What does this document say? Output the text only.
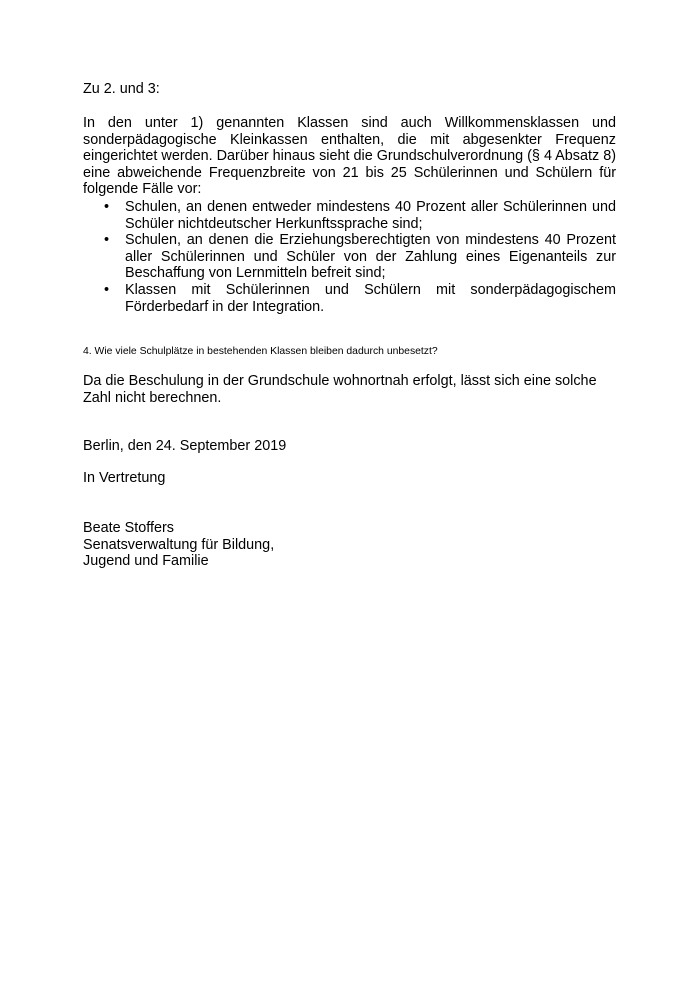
Zu 2. und 3:
In den unter 1) genannten Klassen sind auch Willkommensklassen und sonderpädagogische Kleinkassen enthalten, die mit abgesenkter Frequenz eingerichtet werden. Darüber hinaus sieht die Grundschulverordnung (§ 4 Absatz 8) eine abweichende Frequenzbreite von 21 bis 25 Schülerinnen und Schülern für folgende Fälle vor:
• Schulen, an denen entweder mindestens 40 Prozent aller Schülerinnen und Schüler nichtdeutscher Herkunftssprache sind;
• Schulen, an denen die Erziehungsberechtigten von mindestens 40 Prozent aller Schülerinnen und Schüler von der Zahlung eines Eigenanteils zur Beschaffung von Lernmitteln befreit sind;
• Klassen mit Schülerinnen und Schülern mit sonderpädagogischem Förderbedarf in der Integration.
4. Wie viele Schulplätze in bestehenden Klassen bleiben dadurch unbesetzt?
Da die Beschulung in der Grundschule wohnortnah erfolgt, lässt sich eine solche Zahl nicht berechnen.
Berlin, den 24. September 2019
In Vertretung
Beate Stoffers
Senatsverwaltung für Bildung,
Jugend und Familie
